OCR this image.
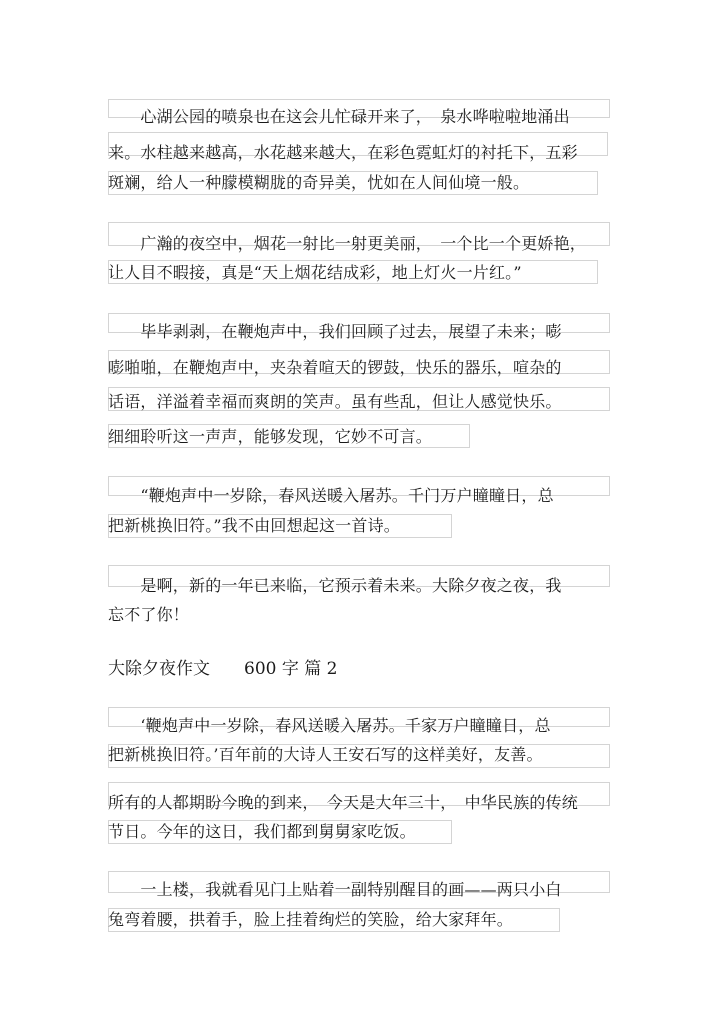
　　心湖公园的喷泉也在这会儿忙碌开来了，　泉水哗啦啦地涌出
来。水柱越来越高，水花越来越大，在彩色霓虹灯的衬托下，五彩
斑斓，给人一种朦模糊胧的奇异美，忧如在人间仙境一般。
　　广瀚的夜空中，烟花一射比一射更美丽，　一个比一个更娇艳，
让人目不暇接，真是“天上烟花结成彩，地上灯火一片红。”
　　毕毕剥剥，在鞭炮声中，我们回顾了过去，展望了未来；嘭
嘭啪啪，在鞭炮声中，夹杂着喧天的锣鼓，快乐的器乐，喧杂的
话语，洋溢着幸福而爽朗的笑声。虽有些乱，但让人感觉快乐。
细细聆听这一声声，能够发现，它妙不可言。
　　“鞭炮声中一岁除，春风送暖入屠苏。千门万户瞳瞳日，总
把新桃换旧符。”我不由回想起这一首诗。
　　是啊，新的一年已来临，它预示着未来。大除夕夜之夜，我
忘不了你！
大除夕夜作文　　600 字 篇 2
　　‘鞭炮声中一岁除，春风送暖入屠苏。千家万户瞳瞳日，总
把新桃换旧符。’百年前的大诗人王安石写的这样美好，友善。
所有的人都期盼今晚的到来，　今天是大年三十，　中华民族的传统
节日。今年的这日，我们都到舅舅家吃饭。
　　一上楼，我就看见门上贴着一副特别醒目的画——两只小白
兔弯着腰，拱着手，脸上挂着绚烂的笑脸，给大家拜年。
